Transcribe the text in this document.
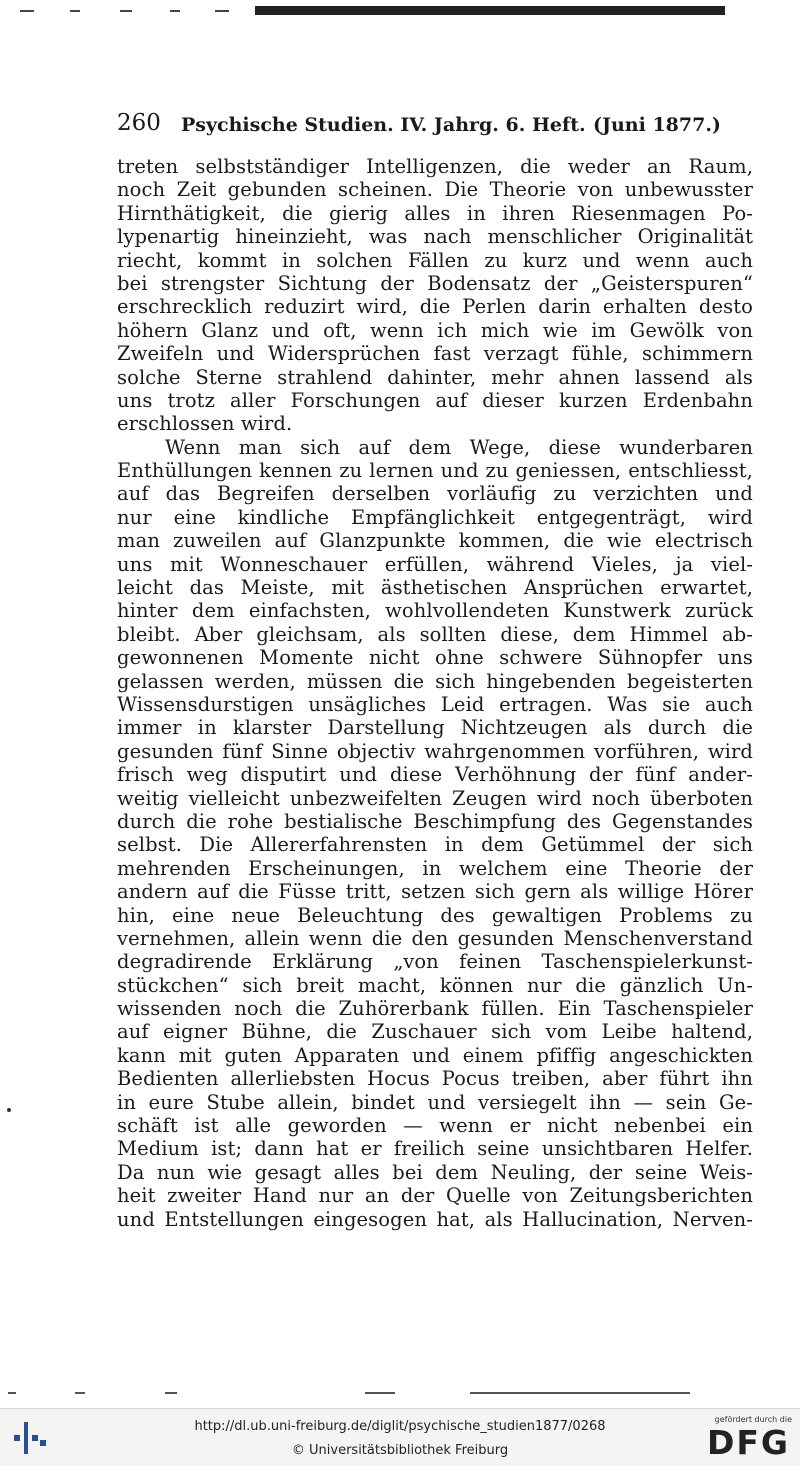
260 Psychische Studien. IV. Jahrg. 6. Heft. (Juni 1877.)
treten selbstständiger Intelligenzen, die weder an Raum,
noch Zeit gebunden scheinen. Die Theorie von unbewusster
Hirnthätigkeit, die gierig alles in ihren Riesenmagen Po-
lypenartig hineinzieht, was nach menschlicher Originalität
riecht, kommt in solchen Fällen zu kurz und wenn auch
bei strengster Sichtung der Bodensatz der „Geisterspuren“
erschrecklich reduzirt wird, die Perlen darin erhalten desto
höhern Glanz und oft, wenn ich mich wie im Gewölk von
Zweifeln und Widersprüchen fast verzagt fühle, schimmern
solche Sterne strahlend dahinter, mehr ahnen lassend als
uns trotz aller Forschungen auf dieser kurzen Erdenbahn
erschlossen wird.
Wenn man sich auf dem Wege, diese wunderbaren
Enthüllungen kennen zu lernen und zu geniessen, entschliesst,
auf das Begreifen derselben vorläufig zu verzichten und
nur eine kindliche Empfänglichkeit entgegenträgt, wird
man zuweilen auf Glanzpunkte kommen, die wie electrisch
uns mit Wonneschauer erfüllen, während Vieles, ja viel-
leicht das Meiste, mit ästhetischen Ansprüchen erwartet,
hinter dem einfachsten, wohlvollendeten Kunstwerk zurück
bleibt. Aber gleichsam, als sollten diese, dem Himmel ab-
gewonnenen Momente nicht ohne schwere Sühnopfer uns
gelassen werden, müssen die sich hingebenden begeisterten
Wissensdurstigen unsägliches Leid ertragen. Was sie auch
immer in klarster Darstellung Nichtzeugen als durch die
gesunden fünf Sinne objectiv wahrgenommen vorführen, wird
frisch weg disputirt und diese Verhöhnung der fünf ander-
weitig vielleicht unbezweifelten Zeugen wird noch überboten
durch die rohe bestialische Beschimpfung des Gegenstandes
selbst. Die Allererfahrensten in dem Getümmel der sich
mehrenden Erscheinungen, in welchem eine Theorie der
andern auf die Füsse tritt, setzen sich gern als willige Hörer
hin, eine neue Beleuchtung des gewaltigen Problems zu
vernehmen, allein wenn die den gesunden Menschenverstand
degradirende Erklärung „von feinen Taschenspielerkunst-
stückchen“ sich breit macht, können nur die gänzlich Un-
wissenden noch die Zuhörerbank füllen. Ein Taschenspieler
auf eigner Bühne, die Zuschauer sich vom Leibe haltend,
kann mit guten Apparaten und einem pfiffig angeschickten
Bedienten allerliebsten Hocus Pocus treiben, aber führt ihn
in eure Stube allein, bindet und versiegelt ihn — sein Ge-
schäft ist alle geworden — wenn er nicht nebenbei ein
Medium ist; dann hat er freilich seine unsichtbaren Helfer.
Da nun wie gesagt alles bei dem Neuling, der seine Weis-
heit zweiter Hand nur an der Quelle von Zeitungsberichten
und Entstellungen eingesogen hat, als Hallucination, Nerven-
http://dl.ub.uni-freiburg.de/diglit/psychische_studien1877/0268
© Universitätsbibliothek Freiburg
gefördert durch die
DFG
